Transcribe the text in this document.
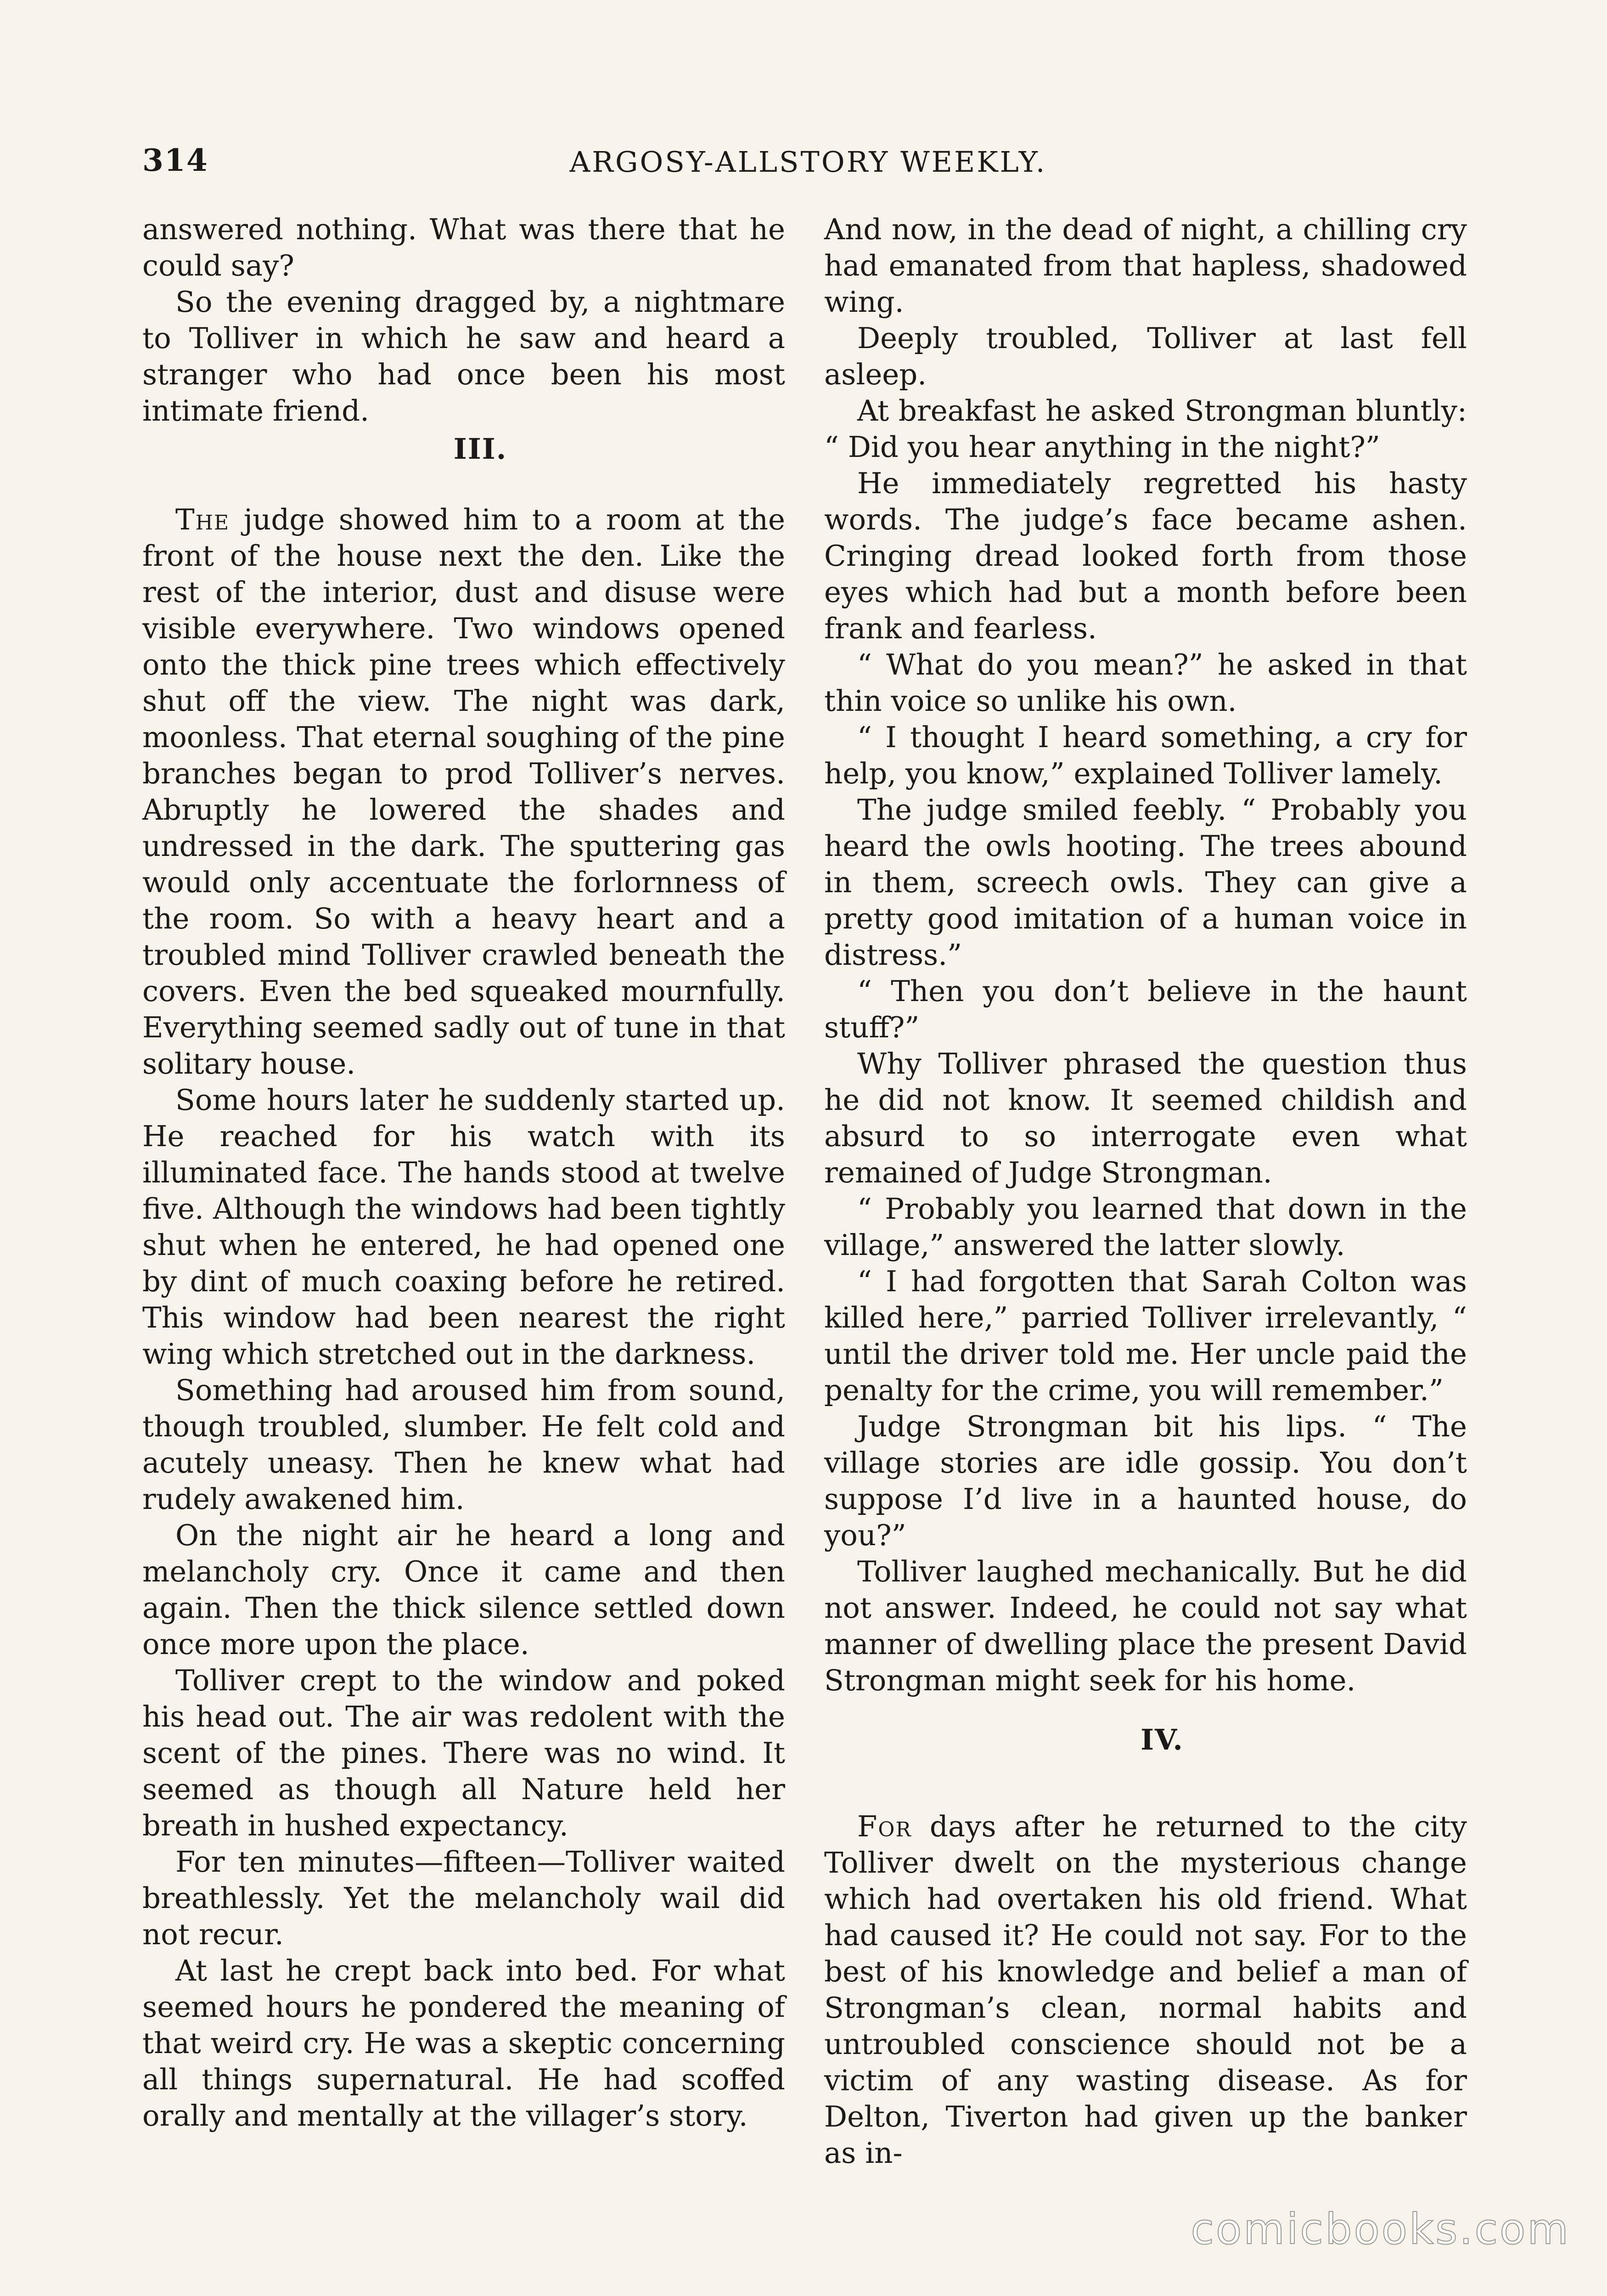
314	ARGOSY-ALLSTORY WEEKLY.

answered nothing. What was there that he could say?

So the evening dragged by, a nightmare to Tolliver in which he saw and heard a stranger who had once been his most intimate friend.

III.

The judge showed him to a room at the front of the house next the den. Like the rest of the interior, dust and disuse were visible everywhere. Two windows opened onto the thick pine trees which effectively shut off the view. The night was dark, moonless. That eternal soughing of the pine branches began to prod Tolliver’s nerves. Abruptly he lowered the shades and undressed in the dark. The sputtering gas would only accentuate the forlornness of the room. So with a heavy heart and a troubled mind Tolliver crawled beneath the covers. Even the bed squeaked mournfully. Everything seemed sadly out of tune in that solitary house.

Some hours later he suddenly started up. He reached for his watch with its illuminated face. The hands stood at twelve five. Although the windows had been tightly shut when he entered, he had opened one by dint of much coaxing before he retired. This window had been nearest the right wing which stretched out in the darkness.

Something had aroused him from sound, though troubled, slumber. He felt cold and acutely uneasy. Then he knew what had rudely awakened him.

On the night air he heard a long and melancholy cry. Once it came and then again. Then the thick silence settled down once more upon the place.

Tolliver crept to the window and poked his head out. The air was redolent with the scent of the pines. There was no wind. It seemed as though all Nature held her breath in hushed expectancy.

For ten minutes—fifteen—Tolliver waited breathlessly. Yet the melancholy wail did not recur.

At last he crept back into bed. For what seemed hours he pondered the meaning of that weird cry. He was a skeptic concerning all things supernatural. He had scoffed orally and mentally at the villager’s story.

And now, in the dead of night, a chilling cry had emanated from that hapless, shadowed wing.

Deeply troubled, Tolliver at last fell asleep.

At breakfast he asked Strongman bluntly: “ Did you hear anything in the night?”

He immediately regretted his hasty words. The judge’s face became ashen. Cringing dread looked forth from those eyes which had but a month before been frank and fearless.

“ What do you mean?” he asked in that thin voice so unlike his own.

“ I thought I heard something, a cry for help, you know,” explained Tolliver lamely.

The judge smiled feebly. “ Probably you heard the owls hooting. The trees abound in them, screech owls. They can give a pretty good imitation of a human voice in distress.”

“ Then you don’t believe in the haunt stuff?”

Why Tolliver phrased the question thus he did not know. It seemed childish and absurd to so interrogate even what remained of Judge Strongman.

“ Probably you learned that down in the village,” answered the latter slowly.

“ I had forgotten that Sarah Colton was killed here,” parried Tolliver irrelevantly, “ until the driver told me. Her uncle paid the penalty for the crime, you will remember.”

Judge Strongman bit his lips. “ The village stories are idle gossip. You don’t suppose I’d live in a haunted house, do you?”

Tolliver laughed mechanically. But he did not answer. Indeed, he could not say what manner of dwelling place the present David Strongman might seek for his home.

IV.

For days after he returned to the city Tolliver dwelt on the mysterious change which had overtaken his old friend. What had caused it? He could not say. For to the best of his knowledge and belief a man of Strongman’s clean, normal habits and untroubled conscience should not be a victim of any wasting disease. As for Delton, Tiverton had given up the banker as in-

comicbooks.com
